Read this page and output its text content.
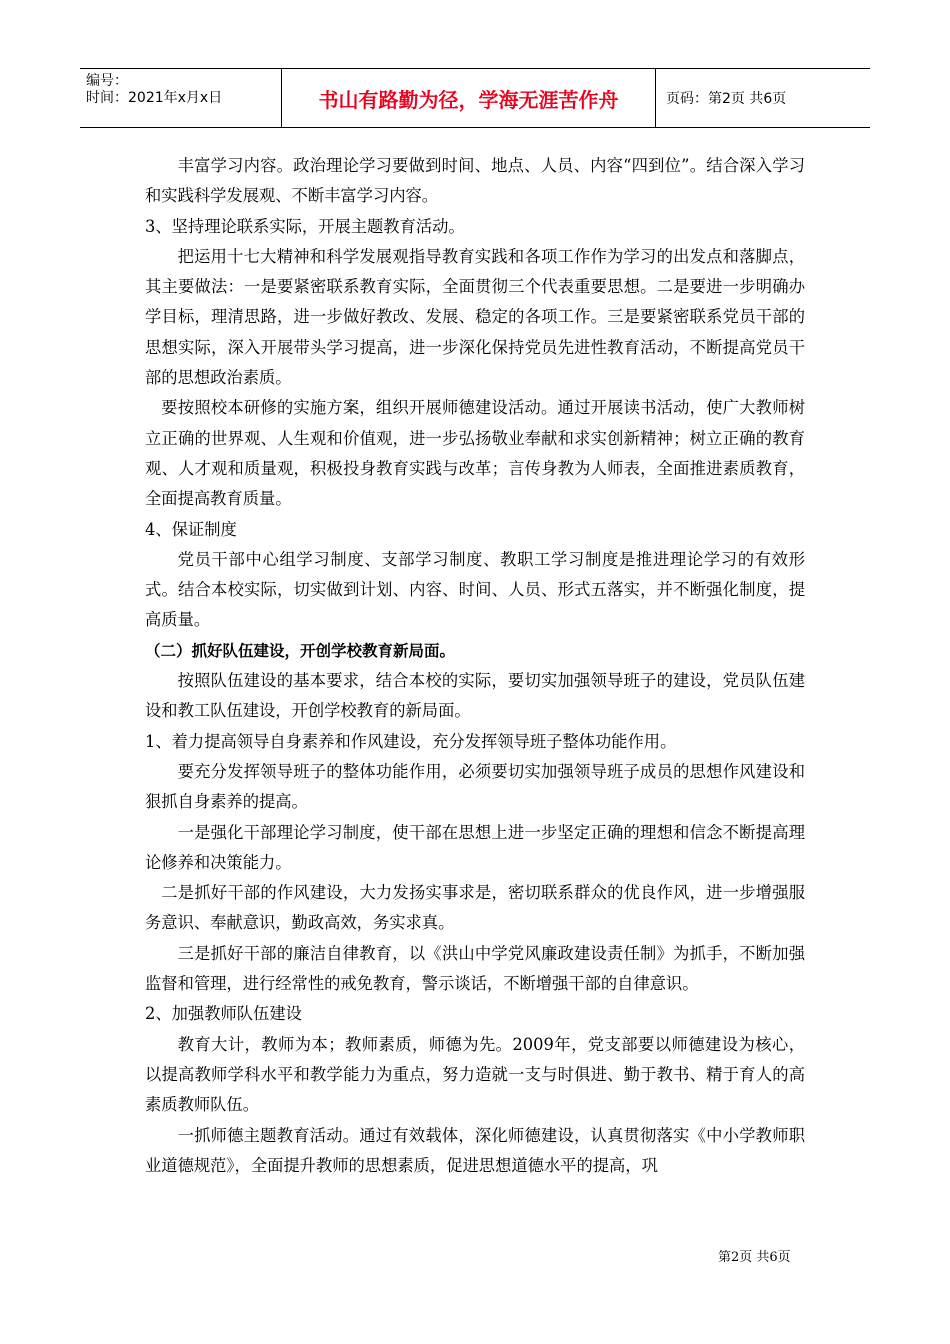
编号：
时间：2021年x月x日	书山有路勤为径，学海无涯苦作舟	页码：第2页 共6页

丰富学习内容。政治理论学习要做到时间、地点、人员、内容“四到位”。结合深入学习和实践科学发展观、不断丰富学习内容。

3、坚持理论联系实际，开展主题教育活动。

把运用十七大精神和科学发展观指导教育实践和各项工作作为学习的出发点和落脚点，其主要做法：一是要紧密联系教育实际，全面贯彻三个代表重要思想。二是要进一步明确办学目标，理清思路，进一步做好教改、发展、稳定的各项工作。三是要紧密联系党员干部的思想实际，深入开展带头学习提高，进一步深化保持党员先进性教育活动，不断提高党员干部的思想政治素质。

要按照校本研修的实施方案，组织开展师德建设活动。通过开展读书活动，使广大教师树立正确的世界观、人生观和价值观，进一步弘扬敬业奉献和求实创新精神；树立正确的教育观、人才观和质量观，积极投身教育实践与改革；言传身教为人师表，全面推进素质教育，全面提高教育质量。

4、保证制度

党员干部中心组学习制度、支部学习制度、教职工学习制度是推进理论学习的有效形式。结合本校实际，切实做到计划、内容、时间、人员、形式五落实，并不断强化制度，提高质量。

（二）抓好队伍建设，开创学校教育新局面。

按照队伍建设的基本要求，结合本校的实际，要切实加强领导班子的建设，党员队伍建设和教工队伍建设，开创学校教育的新局面。

1、着力提高领导自身素养和作风建设，充分发挥领导班子整体功能作用。

要充分发挥领导班子的整体功能作用，必须要切实加强领导班子成员的思想作风建设和狠抓自身素养的提高。

一是强化干部理论学习制度，使干部在思想上进一步坚定正确的理想和信念不断提高理论修养和决策能力。

二是抓好干部的作风建设，大力发扬实事求是，密切联系群众的优良作风，进一步增强服务意识、奉献意识，勤政高效，务实求真。

三是抓好干部的廉洁自律教育，以《洪山中学党风廉政建设责任制》为抓手，不断加强监督和管理，进行经常性的戒免教育，警示谈话，不断增强干部的自律意识。

2、加强教师队伍建设

教育大计，教师为本；教师素质，师德为先。2009年，党支部要以师德建设为核心，以提高教师学科水平和教学能力为重点，努力造就一支与时俱进、勤于教书、精于育人的高素质教师队伍。

一抓师德主题教育活动。通过有效载体，深化师德建设，认真贯彻落实《中小学教师职业道德规范》，全面提升教师的思想素质，促进思想道德水平的提高，巩

第2页 共6页
